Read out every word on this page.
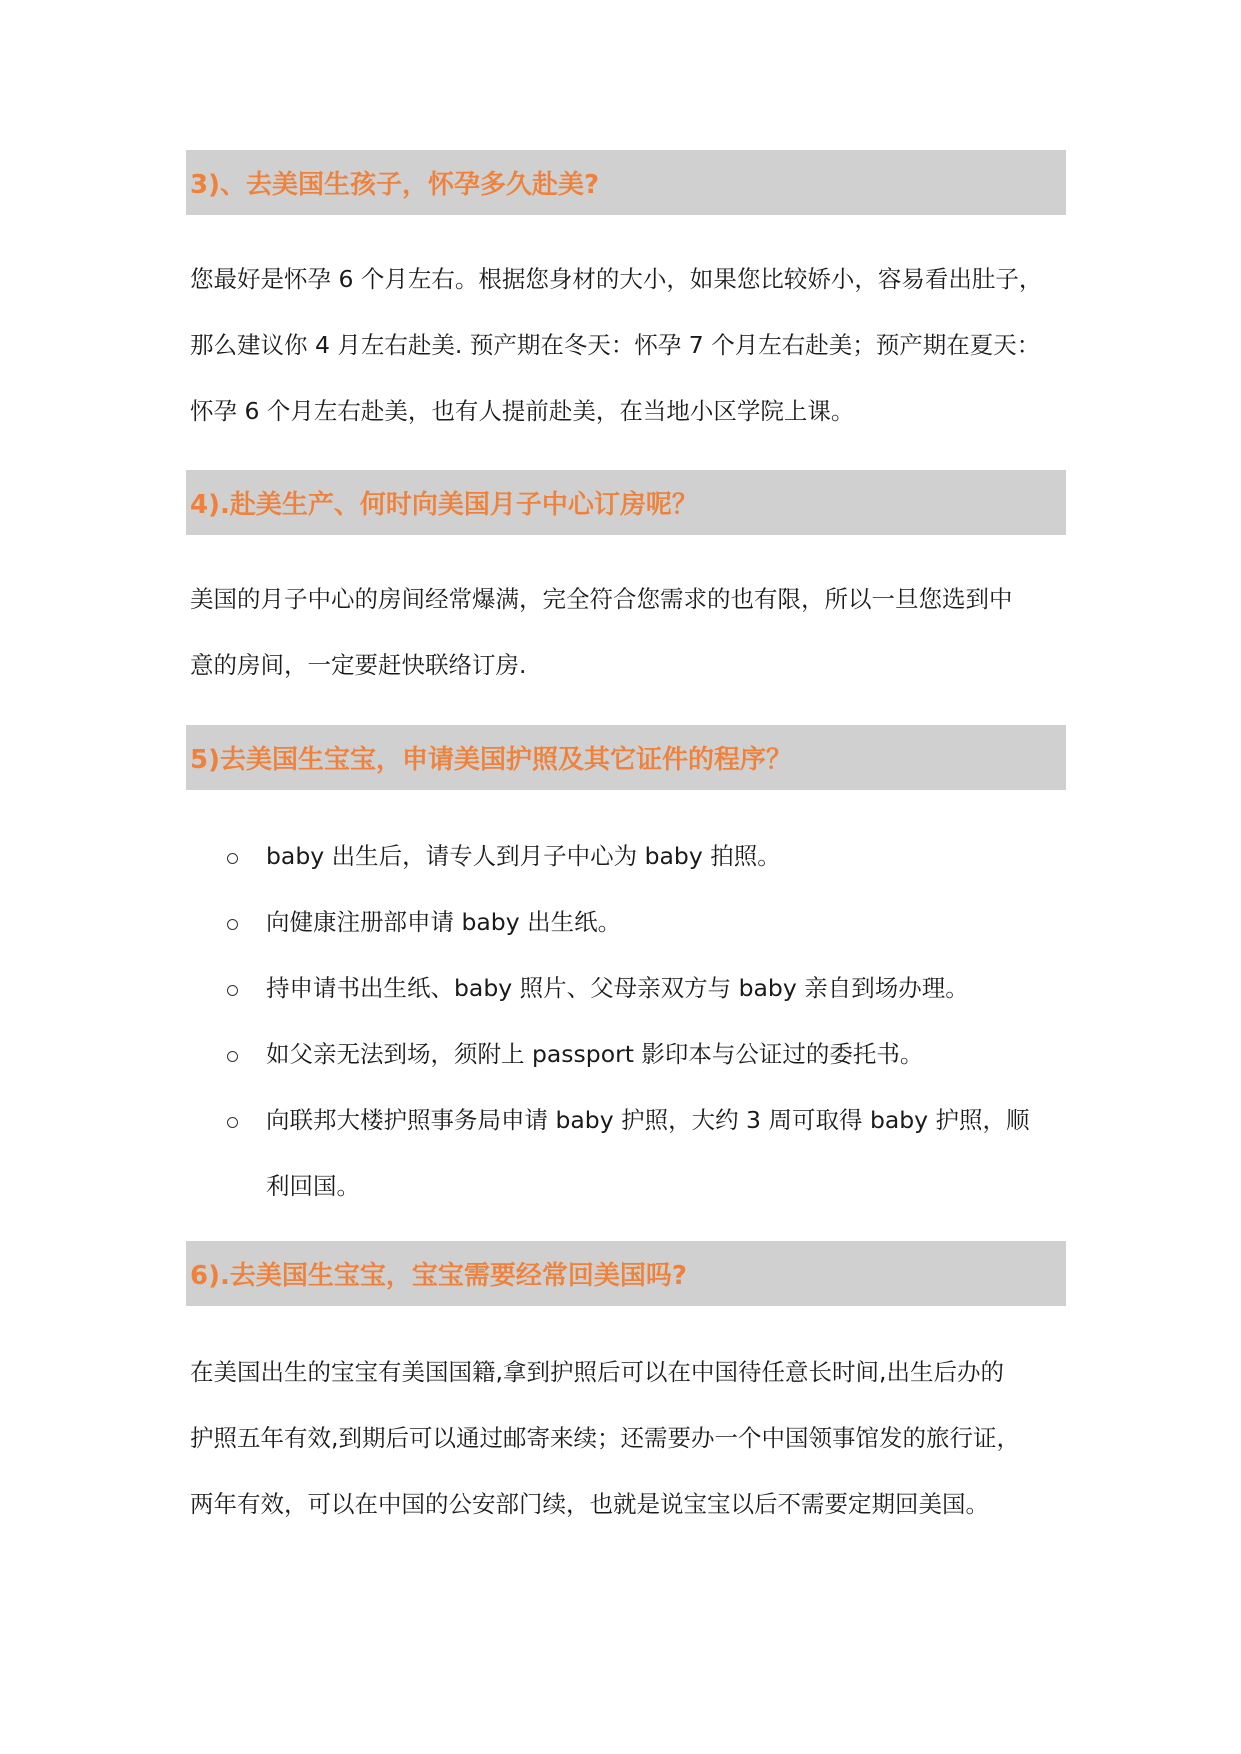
3)、去美国生孩子，怀孕多久赴美?
您最好是怀孕 6 个月左右。根据您身材的大小，如果您比较娇小，容易看出肚子，
那么建议你 4 月左右赴美. 预产期在冬天：怀孕 7 个月左右赴美；预产期在夏天：
怀孕 6 个月左右赴美，也有人提前赴美，在当地小区学院上课。
4).赴美生产、何时向美国月子中心订房呢？
美国的月子中心的房间经常爆满，完全符合您需求的也有限，所以一旦您选到中
意的房间，一定要赶快联络订房.
5)去美国生宝宝，申请美国护照及其它证件的程序？
baby 出生后，请专人到月子中心为 baby 拍照。
向健康注册部申请 baby 出生纸。
持申请书出生纸、baby 照片、父母亲双方与 baby 亲自到场办理。
如父亲无法到场，须附上 passport 影印本与公证过的委托书。
向联邦大楼护照事务局申请 baby 护照，大约 3 周可取得 baby 护照，顺
利回国。
6).去美国生宝宝，宝宝需要经常回美国吗?
在美国出生的宝宝有美国国籍,拿到护照后可以在中国待任意长时间,出生后办的
护照五年有效,到期后可以通过邮寄来续；还需要办一个中国领事馆发的旅行证，
两年有效，可以在中国的公安部门续，也就是说宝宝以后不需要定期回美国。
